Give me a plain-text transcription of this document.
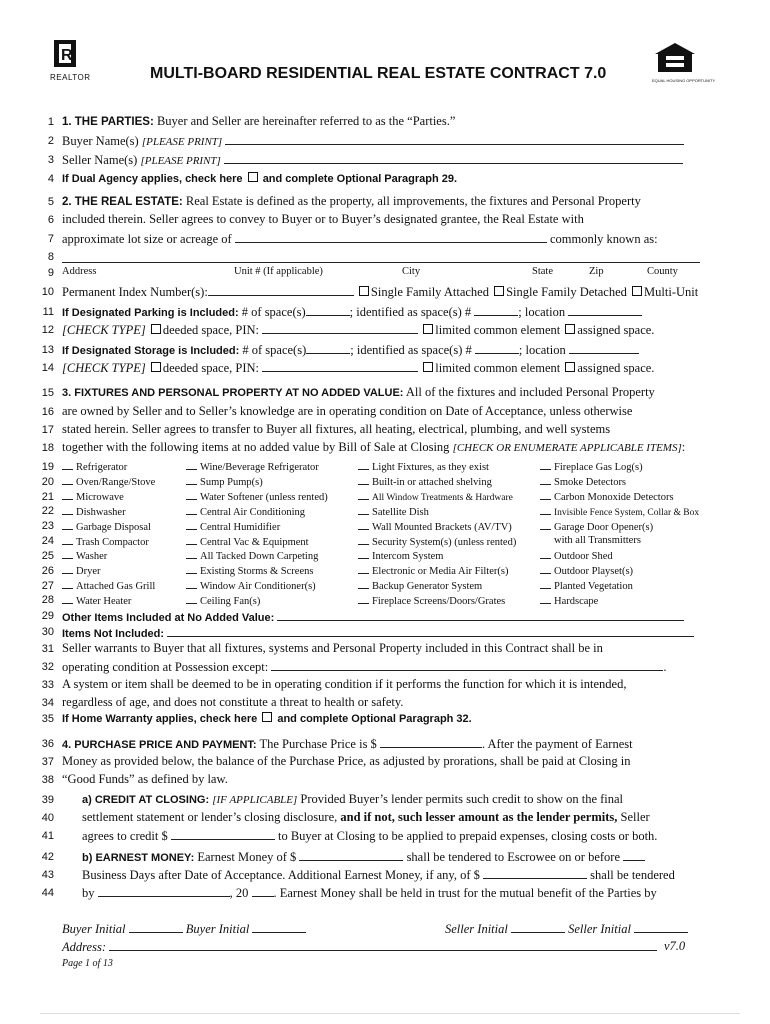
R
REALTOR	MULTI-BOARD RESIDENTIAL REAL ESTATE CONTRACT 7.0	EQUAL HOUSING OPPORTUNITY
1
2
3
4
5
6
7
8
9
10
11
12
13
14
15
16
17
18
19
20
21
22
23
24
25
26
27
28
29
30
31
32
33
34
35
36
37
38
39
40
41
42
43
44
1. THE PARTIES: Buyer and Seller are hereinafter referred to as the “Parties.”
Buyer Name(s) [PLEASE PRINT]
Seller Name(s) [PLEASE PRINT]
If Dual Agency applies, check here and complete Optional Paragraph 29.
2. THE REAL ESTATE: Real Estate is defined as the property, all improvements, the fixtures and Personal Property
included therein. Seller agrees to convey to Buyer or to Buyer’s designated grantee, the Real Estate with
approximate lot size or acreage of	commonly known as:
Address	Unit # (If applicable)	City	State	Zip	County
Permanent Index Number(s):	Single Family Attached Single Family Detached Multi-Unit
If Designated Parking is Included: # of space(s)	; identified as space(s) #	; location
[CHECK TYPE] deeded space, PIN:	limited common element assigned space.
If Designated Storage is Included: # of space(s)	; identified as space(s) #	; location
[CHECK TYPE] deeded space, PIN:	limited common element assigned space.
3. FIXTURES AND PERSONAL PROPERTY AT NO ADDED VALUE: All of the fixtures and included Personal Property
are owned by Seller and to Seller’s knowledge are in operating condition on Date of Acceptance, unless otherwise
stated herein. Seller agrees to transfer to Buyer all fixtures, all heating, electrical, plumbing, and well systems
together with the following items at no added value by Bill of Sale at Closing [CHECK OR ENUMERATE APPLICABLE ITEMS]:
Refrigerator	Wine/Beverage Refrigerator	Light Fixtures, as they exist	Fireplace Gas Log(s)
Oven/Range/Stove	Sump Pump(s)	Built-in or attached shelving	Smoke Detectors
Microwave	Water Softener (unless rented)	All Window Treatments & Hardware	Carbon Monoxide Detectors
Dishwasher	Central Air Conditioning	Satellite Dish	Invisible Fence System, Collar & Box
Garbage Disposal	Central Humidifier	Wall Mounted Brackets (AV/TV)	Garage Door Opener(s)
Trash Compactor	Central Vac & Equipment	Security System(s) (unless rented)	with all Transmitters
Washer	All Tacked Down Carpeting	Intercom System	Outdoor Shed
Dryer	Existing Storms & Screens	Electronic or Media Air Filter(s)	Outdoor Playset(s)
Attached Gas Grill	Window Air Conditioner(s)	Backup Generator System	Planted Vegetation
Water Heater	Ceiling Fan(s)	Fireplace Screens/Doors/Grates	Hardscape
Other Items Included at No Added Value:
Items Not Included:
Seller warrants to Buyer that all fixtures, systems and Personal Property included in this Contract shall be in
operating condition at Possession except:	.
A system or item shall be deemed to be in operating condition if it performs the function for which it is intended,
regardless of age, and does not constitute a threat to health or safety.
If Home Warranty applies, check here and complete Optional Paragraph 32.
4. PURCHASE PRICE AND PAYMENT: The Purchase Price is $	. After the payment of Earnest
Money as provided below, the balance of the Purchase Price, as adjusted by prorations, shall be paid at Closing in
“Good Funds” as defined by law.
a) CREDIT AT CLOSING: [IF APPLICABLE] Provided Buyer’s lender permits such credit to show on the final
settlement statement or lender’s closing disclosure, and if not, such lesser amount as the lender permits, Seller
agrees to credit $	to Buyer at Closing to be applied to prepaid expenses, closing costs or both.
b) EARNEST MONEY: Earnest Money of $	shall be tendered to Escrowee on or before
Business Days after Date of Acceptance. Additional Earnest Money, if any, of $	shall be tendered
by	, 20 . Earnest Money shall be held in trust for the mutual benefit of the Parties by
Buyer Initial	Buyer Initial	Seller Initial	Seller Initial
Address:	v7.0
Page 1 of 13
